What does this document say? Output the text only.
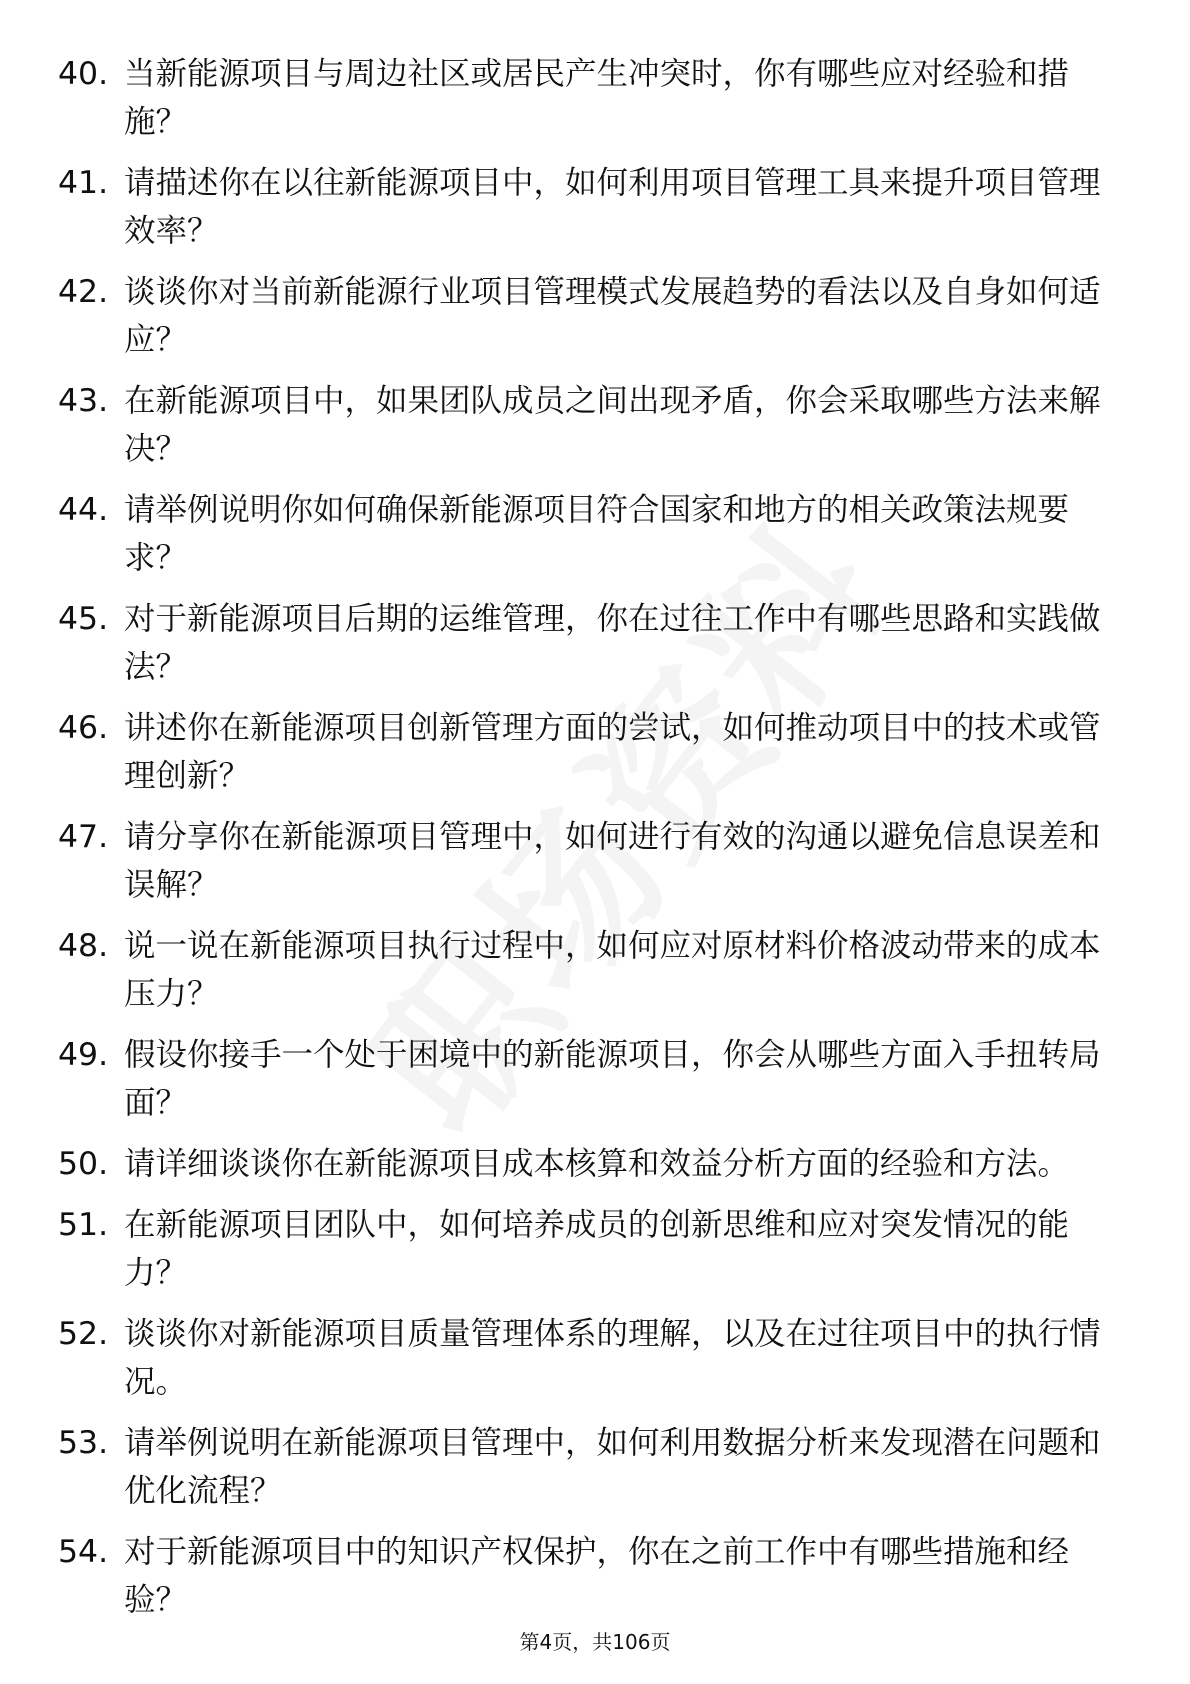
40. 当新能源项目与周边社区或居民产生冲突时，你有哪些应对经验和措施？

41. 请描述你在以往新能源项目中，如何利用项目管理工具来提升项目管理效率？

42. 谈谈你对当前新能源行业项目管理模式发展趋势的看法以及自身如何适应？

43. 在新能源项目中，如果团队成员之间出现矛盾，你会采取哪些方法来解决？

44. 请举例说明你如何确保新能源项目符合国家和地方的相关政策法规要求？

45. 对于新能源项目后期的运维管理，你在过往工作中有哪些思路和实践做法？

46. 讲述你在新能源项目创新管理方面的尝试，如何推动项目中的技术或管理创新？

47. 请分享你在新能源项目管理中，如何进行有效的沟通以避免信息误差和误解？

48. 说一说在新能源项目执行过程中，如何应对原材料价格波动带来的成本压力？

49. 假设你接手一个处于困境中的新能源项目，你会从哪些方面入手扭转局面？

50. 请详细谈谈你在新能源项目成本核算和效益分析方面的经验和方法。

51. 在新能源项目团队中，如何培养成员的创新思维和应对突发情况的能力？

52. 谈谈你对新能源项目质量管理体系的理解，以及在过往项目中的执行情况。

53. 请举例说明在新能源项目管理中，如何利用数据分析来发现潜在问题和优化流程？

54. 对于新能源项目中的知识产权保护，你在之前工作中有哪些措施和经验？

第4页，共106页
